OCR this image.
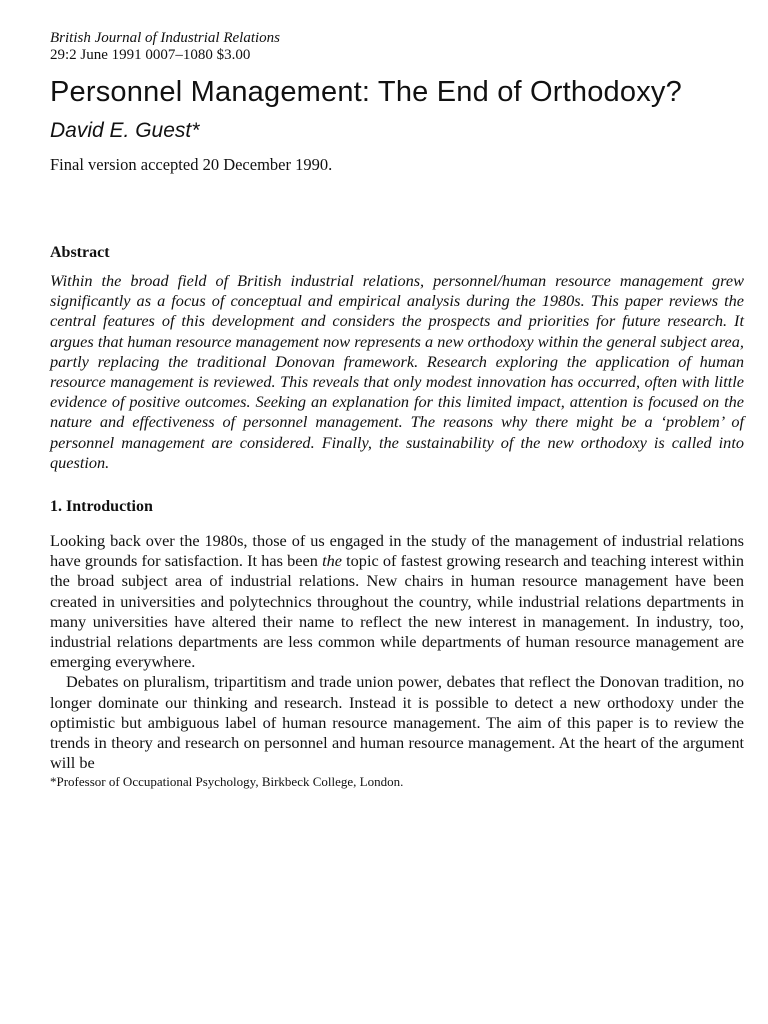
British Journal of Industrial Relations

29:2 June 1991 0007–1080 $3.00

Personnel Management: The End of Orthodoxy?

David E. Guest*

Final version accepted 20 December 1990.

Abstract

Within the broad field of British industrial relations, personnel/human resource management grew significantly as a focus of conceptual and empirical analysis during the 1980s. This paper reviews the central features of this development and considers the prospects and priorities for future research. It argues that human resource management now represents a new orthodoxy within the general subject area, partly replacing the traditional Donovan framework. Research exploring the application of human resource management is reviewed. This reveals that only modest innovation has occurred, often with little evidence of positive outcomes. Seeking an explanation for this limited impact, attention is focused on the nature and effectiveness of personnel management. The reasons why there might be a ‘problem’ of personnel management are considered. Finally, the sustainability of the new orthodoxy is called into question.

1. Introduction

Looking back over the 1980s, those of us engaged in the study of the management of industrial relations have grounds for satisfaction. It has been the topic of fastest growing research and teaching interest within the broad subject area of industrial relations. New chairs in human resource management have been created in universities and polytechnics throughout the country, while industrial relations departments in many universities have altered their name to reflect the new interest in management. In industry, too, industrial relations departments are less common while departments of human resource management are emerging everywhere.

Debates on pluralism, tripartitism and trade union power, debates that reflect the Donovan tradition, no longer dominate our thinking and research. Instead it is possible to detect a new orthodoxy under the optimistic but ambiguous label of human resource management. The aim of this paper is to review the trends in theory and research on personnel and human resource management. At the heart of the argument will be

*Professor of Occupational Psychology, Birkbeck College, London.
